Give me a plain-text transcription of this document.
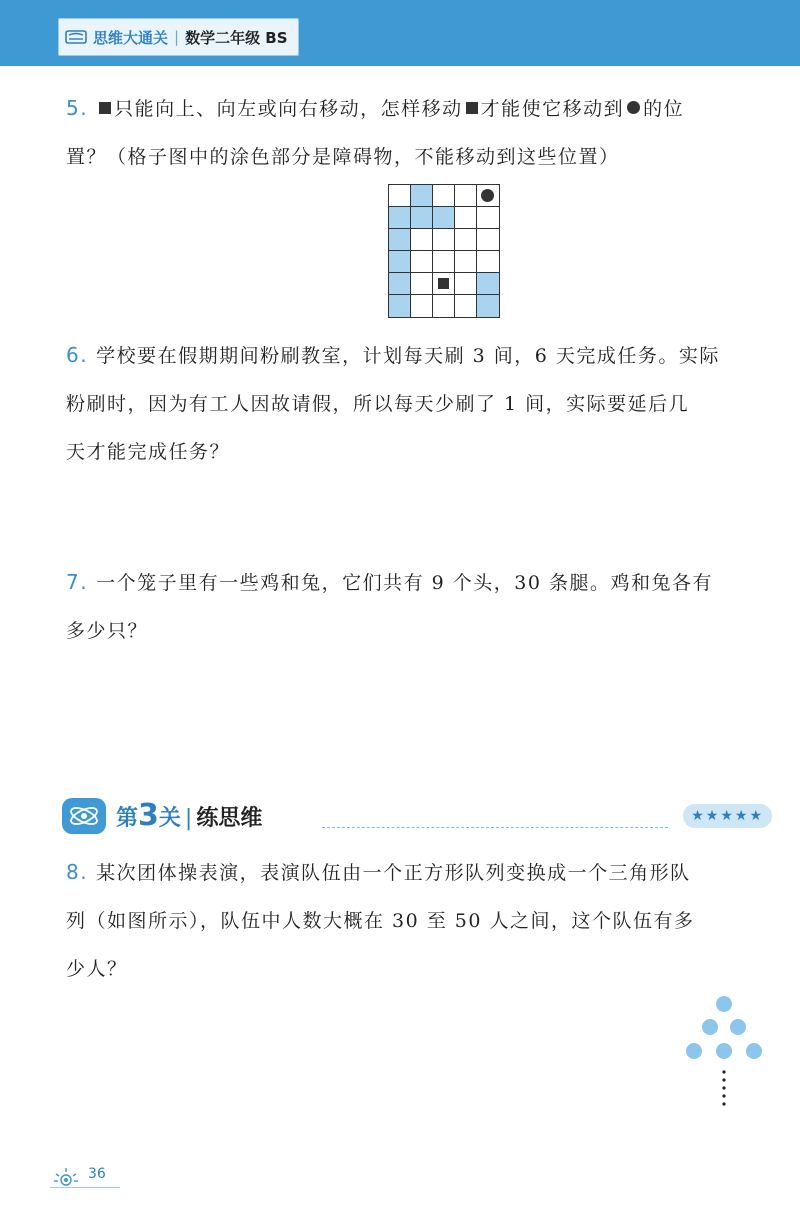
思维大通关 | 数学二年级 BS
5. 只能向上、向左或向右移动，怎样移动 才能使它移动到 的位
置？（格子图中的涂色部分是障碍物，不能移动到这些位置）
6. 学校要在假期期间粉刷教室，计划每天刷 3 间，6 天完成任务。实际
粉刷时，因为有工人因故请假，所以每天少刷了 1 间，实际要延后几
天才能完成任务？
7. 一个笼子里有一些鸡和兔，它们共有 9 个头，30 条腿。鸡和兔各有
多少只？
第3关 | 练思维	★★★★★
8. 某次团体操表演，表演队伍由一个正方形队列变换成一个三角形队
列（如图所示），队伍中人数大概在 30 至 50 人之间，这个队伍有多
少人？
36
